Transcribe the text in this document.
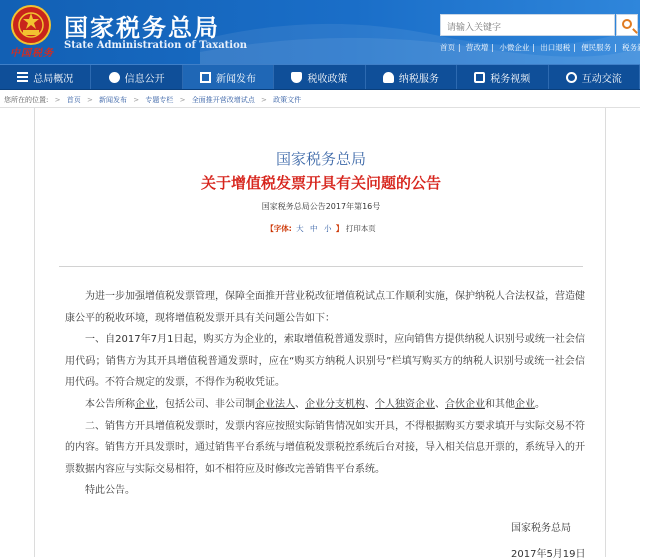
中国税务
国家税务总局
State Administration of Taxation
请输入关键字
首页 | 营改增 | 小微企业 | 出口退税 | 便民服务 | 税务新闻
总局概况	信息公开	新闻发布	税收政策	纳税服务	税务视频	互动交流
您所在的位置: > 首页 > 新闻发布 > 专题专栏 > 全面推开营改增试点 > 政策文件
国家税务总局
关于增值税发票开具有关问题的公告
国家税务总局公告2017年第16号
【字体: 大 中 小 】 打印本页

为进一步加强增值税发票管理，保障全面推开营业税改征增值税试点工作顺利实施，保护纳税人合法权益，营造健康公平的税收环境，现将增值税发票开具有关问题公告如下：

一、自2017年7月1日起，购买方为企业的，索取增值税普通发票时，应向销售方提供纳税人识别号或统一社会信用代码；销售方为其开具增值税普通发票时，应在“购买方纳税人识别号”栏填写购买方的纳税人识别号或统一社会信用代码。不符合规定的发票，不得作为税收凭证。

本公告所称企业，包括公司、非公司制企业法人、企业分支机构、个人独资企业、合伙企业和其他企业。

二、销售方开具增值税发票时，发票内容应按照实际销售情况如实开具，不得根据购买方要求填开与实际交易不符的内容。销售方开具发票时，通过销售平台系统与增值税发票税控系统后台对接，导入相关信息开票的，系统导入的开票数据内容应与实际交易相符，如不相符应及时修改完善销售平台系统。

特此公告。

国家税务总局
2017年5月19日
